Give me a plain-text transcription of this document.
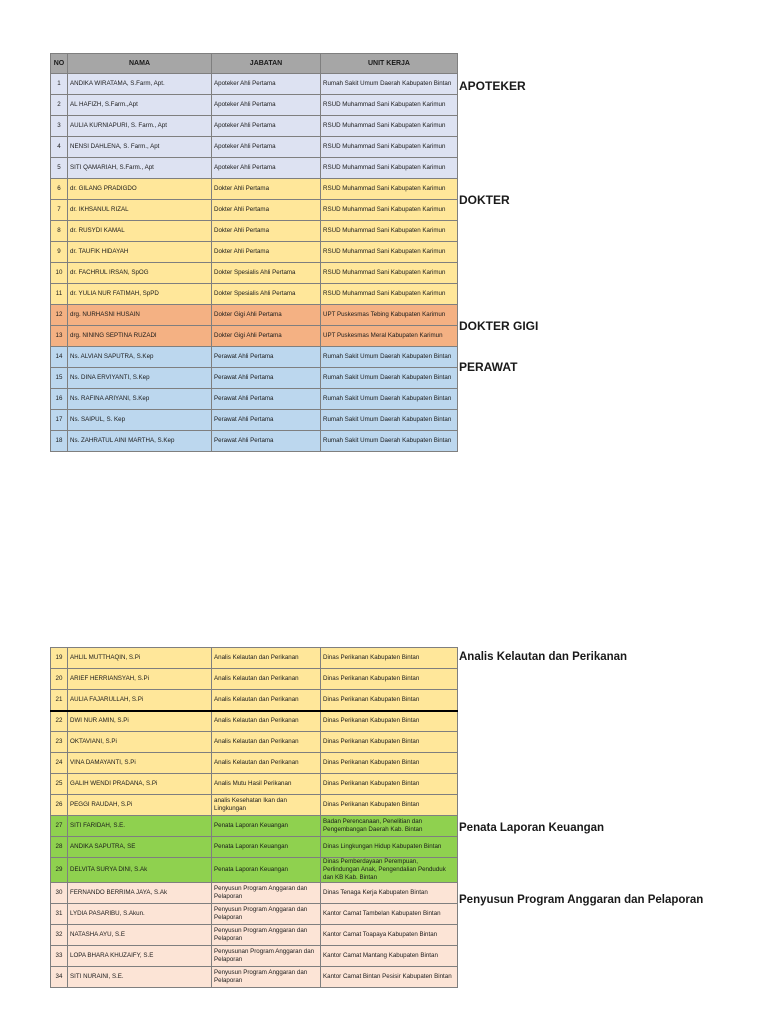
NO	NAMA	JABATAN	UNIT KERJA
1	ANDIKA WIRATAMA, S.Farm, Apt.	Apoteker Ahli Pertama	Rumah Sakit Umum Daerah Kabupaten Bintan
2	AL HAFIZH, S.Farm.,Apt	Apoteker Ahli Pertama	RSUD Muhammad Sani Kabupaten Karimun
3	AULIA KURNIAPURI, S. Farm., Apt	Apoteker Ahli Pertama	RSUD Muhammad Sani Kabupaten Karimun
4	NENSI DAHLENA, S. Farm., Apt	Apoteker Ahli Pertama	RSUD Muhammad Sani Kabupaten Karimun
5	SITI QAMARIAH, S.Farm., Apt	Apoteker Ahli Pertama	RSUD Muhammad Sani Kabupaten Karimun
6	dr. GILANG PRADIGDO	Dokter Ahli Pertama	RSUD Muhammad Sani Kabupaten Karimun
7	dr. IKHSANUL RIZAL	Dokter Ahli Pertama	RSUD Muhammad Sani Kabupaten Karimun
8	dr. RUSYDI KAMAL	Dokter Ahli Pertama	RSUD Muhammad Sani Kabupaten Karimun
9	dr. TAUFIK HIDAYAH	Dokter Ahli Pertama	RSUD Muhammad Sani Kabupaten Karimun
10	dr. FACHRUL IRSAN, SpOG	Dokter Spesialis Ahli Pertama	RSUD Muhammad Sani Kabupaten Karimun
11	dr. YULIA NUR FATIMAH, SpPD	Dokter Spesialis Ahli Pertama	RSUD Muhammad Sani Kabupaten Karimun
12	drg. NURHASNI HUSAIN	Dokter Gigi Ahli Pertama	UPT Puskesmas Tebing Kabupaten Karimun
13	drg. NINING SEPTINA RUZADI	Dokter Gigi Ahli Pertama	UPT Puskesmas Meral Kabupaten Karimun
14	Ns. ALVIAN SAPUTRA, S.Kep	Perawat Ahli Pertama	Rumah Sakit Umum Daerah Kabupaten Bintan
15	Ns. DINA ERVIYANTI, S.Kep	Perawat Ahli Pertama	Rumah Sakit Umum Daerah Kabupaten Bintan
16	Ns. RAFINA ARIYANI, S.Kep	Perawat Ahli Pertama	Rumah Sakit Umum Daerah Kabupaten Bintan
17	Ns. SAIPUL, S. Kep	Perawat Ahli Pertama	Rumah Sakit Umum Daerah Kabupaten Bintan
18	Ns. ZAHRATUL AINI MARTHA, S.Kep	Perawat Ahli Pertama	Rumah Sakit Umum Daerah Kabupaten Bintan
19	AHLIL MUTTHAQIN, S.Pi	Analis Kelautan dan Perikanan	Dinas Perikanan Kabupaten Bintan
20	ARIEF HERRIANSYAH, S.Pi	Analis Kelautan dan Perikanan	Dinas Perikanan Kabupaten Bintan
21	AULIA FAJARULLAH, S.Pi	Analis Kelautan dan Perikanan	Dinas Perikanan Kabupaten Bintan
22	DWI NUR AMIN, S.Pi	Analis Kelautan dan Perikanan	Dinas Perikanan Kabupaten Bintan
23	OKTAVIANI, S.Pi	Analis Kelautan dan Perikanan	Dinas Perikanan Kabupaten Bintan
24	VINA DAMAYANTI, S.Pi	Analis Kelautan dan Perikanan	Dinas Perikanan Kabupaten Bintan
25	GALIH WENDI PRADANA, S.Pi	Analis Mutu Hasil Perikanan	Dinas Perikanan Kabupaten Bintan
26	PEGGI RAUDAH, S.Pi	analis Kesehatan Ikan dan Lingkungan	Dinas Perikanan Kabupaten Bintan
27	SITI FARIDAH, S.E.	Penata Laporan Keuangan	Badan Perencanaan, Penelitian dan Pengembangan Daerah Kab. Bintan
28	ANDIKA SAPUTRA, SE	Penata Laporan Keuangan	Dinas Lingkungan Hidup Kabupaten Bintan
29	DELVITA SURYA DINI, S.Ak	Penata Laporan Keuangan	Dinas Pemberdayaan Perempuan, Perlindungan Anak, Pengendalian Penduduk dan KB Kab. Bintan
30	FERNANDO BERRIMA JAYA, S.Ak	Penyusun Program Anggaran dan Pelaporan	Dinas Tenaga Kerja Kabupaten Bintan
31	LYDIA PASARIBU, S.Akun.	Penyusun Program Anggaran dan Pelaporan	Kantor Camat Tambelan Kabupaten Bintan
32	NATASHA AYU, S.E	Penyusun Program Anggaran dan Pelaporan	Kantor Camat Toapaya Kabupaten Bintan
33	LOPA BHARA KHUZAIFY, S.E	Penyusunan Program Anggaran dan Pelaporan	Kantor Camat Mantang Kabupaten Bintan
34	SITI NURAINI, S.E.	Penyusun Program Anggaran dan Pelaporan	Kantor Camat Bintan Pesisir Kabupaten Bintan
APOTEKER
DOKTER
DOKTER GIGI
PERAWAT
Analis Kelautan dan Perikanan
Penata Laporan Keuangan
Penyusun Program Anggaran dan Pelaporan
